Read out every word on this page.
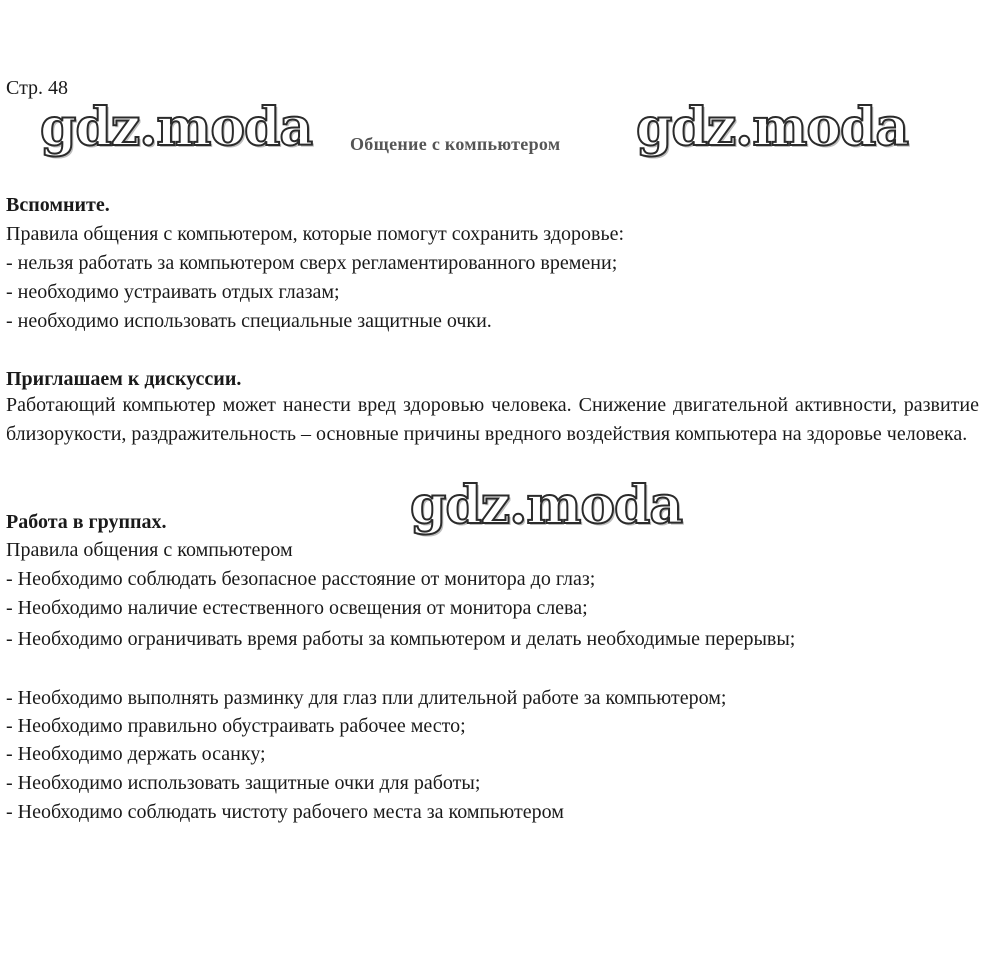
Стр. 48
gdz.moda	gdz.moda
Общение с компьютером
Вспомните.
Правила общения с компьютером, которые помогут сохранить здоровье:
- нельзя работать за компьютером сверх регламентированного времени;
- необходимо устраивать отдых глазам;
- необходимо использовать специальные защитные очки.
Приглашаем к дискуссии.
Работающий компьютер может нанести вред здоровью человека. Снижение двигательной активности, развитие близорукости, раздражительность – основные причины вредного воздействия компьютера на здоровье человека.
gdz.moda
Работа в группах.
Правила общения с компьютером
- Необходимо соблюдать безопасное расстояние от монитора до глаз;
- Необходимо наличие естественного освещения от монитора слева;
- Необходимо ограничивать время работы за компьютером и делать необходимые перерывы;
- Необходимо выполнять разминку для глаз пли длительной работе за компьютером;
- Необходимо правильно обустраивать рабочее место;
- Необходимо держать осанку;
- Необходимо использовать защитные очки для работы;
- Необходимо соблюдать чистоту рабочего места за компьютером
